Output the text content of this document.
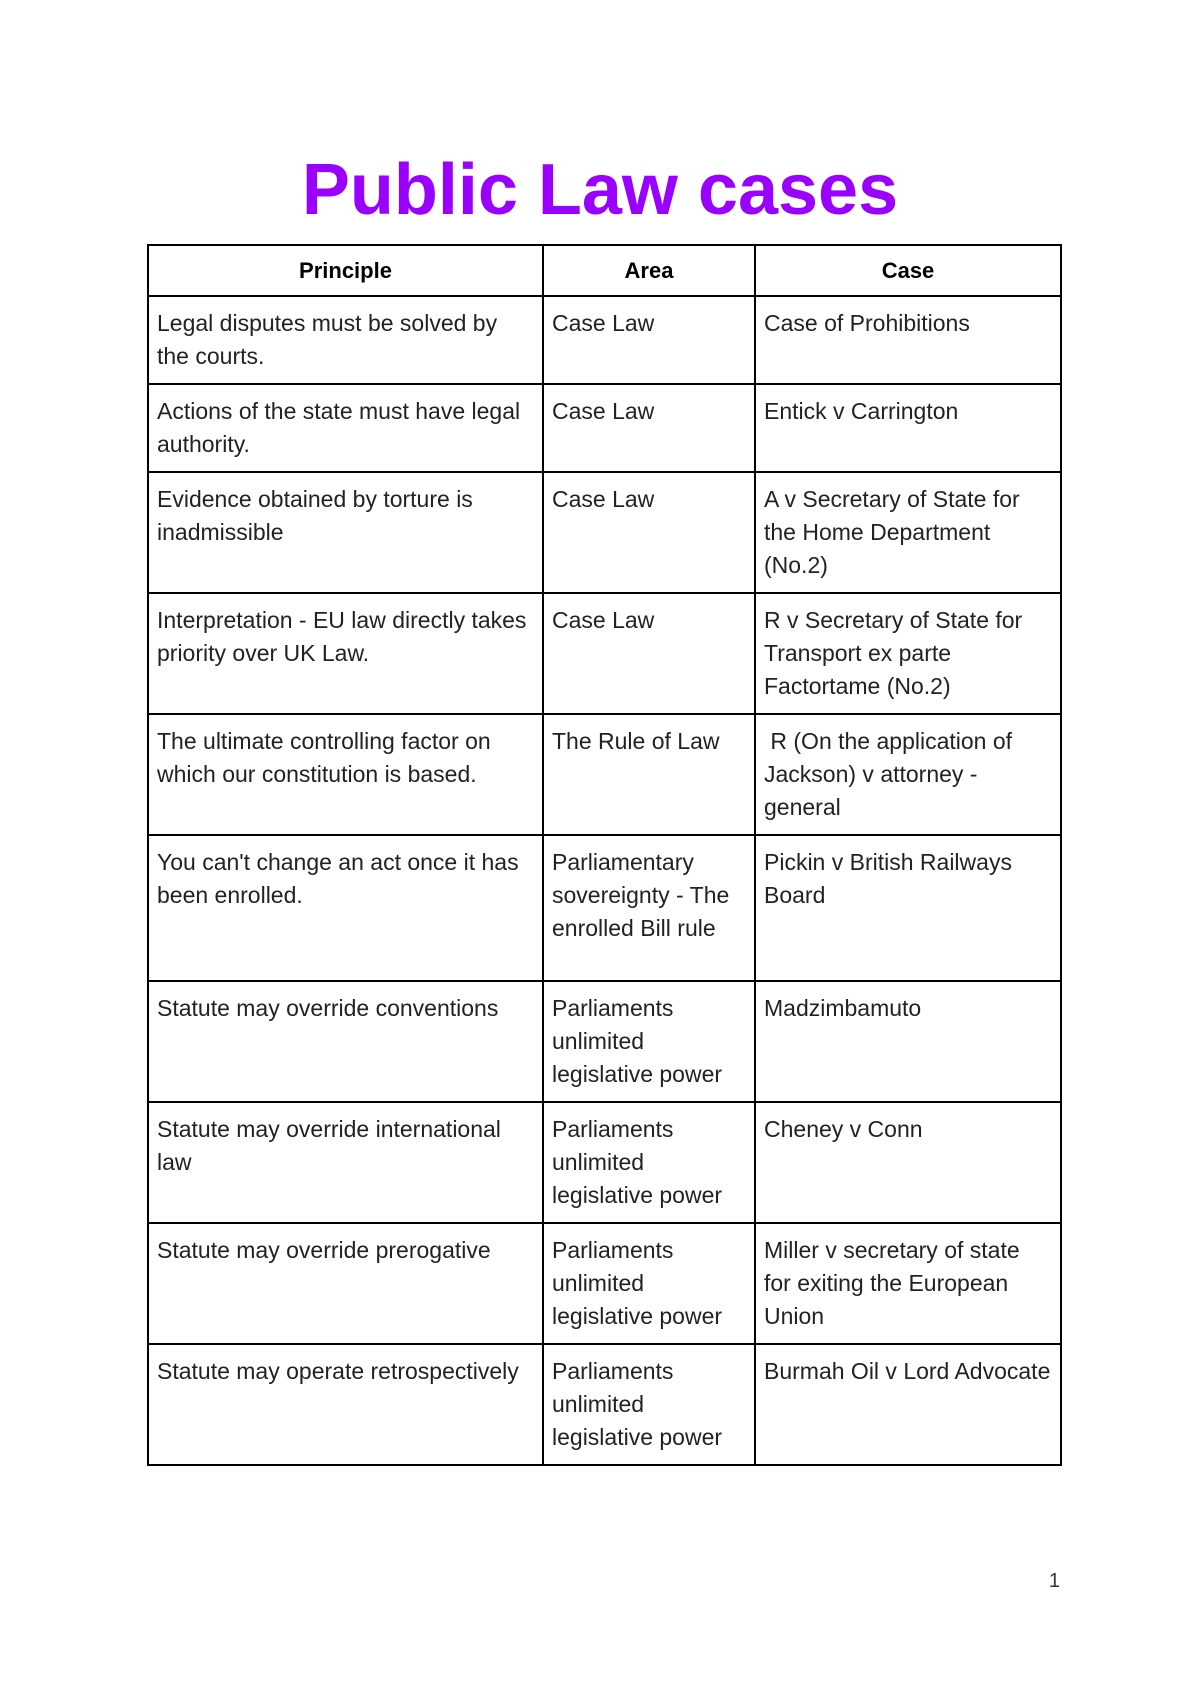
Public Law cases
Principle	Area	Case
Legal disputes must be solved by the courts.	Case Law	Case of Prohibitions
Actions of the state must have legal authority.	Case Law	Entick v Carrington
Evidence obtained by torture is inadmissible	Case Law	A v Secretary of State for the Home Department (No.2)
Interpretation - EU law directly takes priority over UK Law.	Case Law	R v Secretary of State for Transport ex parte Factortame (No.2)
The ultimate controlling factor on which our constitution is based.	The Rule of Law	R (On the application of Jackson) v attorney - general
You can't change an act once it has been enrolled.	Parliamentary sovereignty - The enrolled Bill rule	Pickin v British Railways Board
Statute may override conventions	Parliaments unlimited legislative power	Madzimbamuto
Statute may override international law	Parliaments unlimited legislative power	Cheney v Conn
Statute may override prerogative	Parliaments unlimited legislative power	Miller v secretary of state for exiting the European Union
Statute may operate retrospectively	Parliaments unlimited legislative power	Burmah Oil v Lord Advocate
1
